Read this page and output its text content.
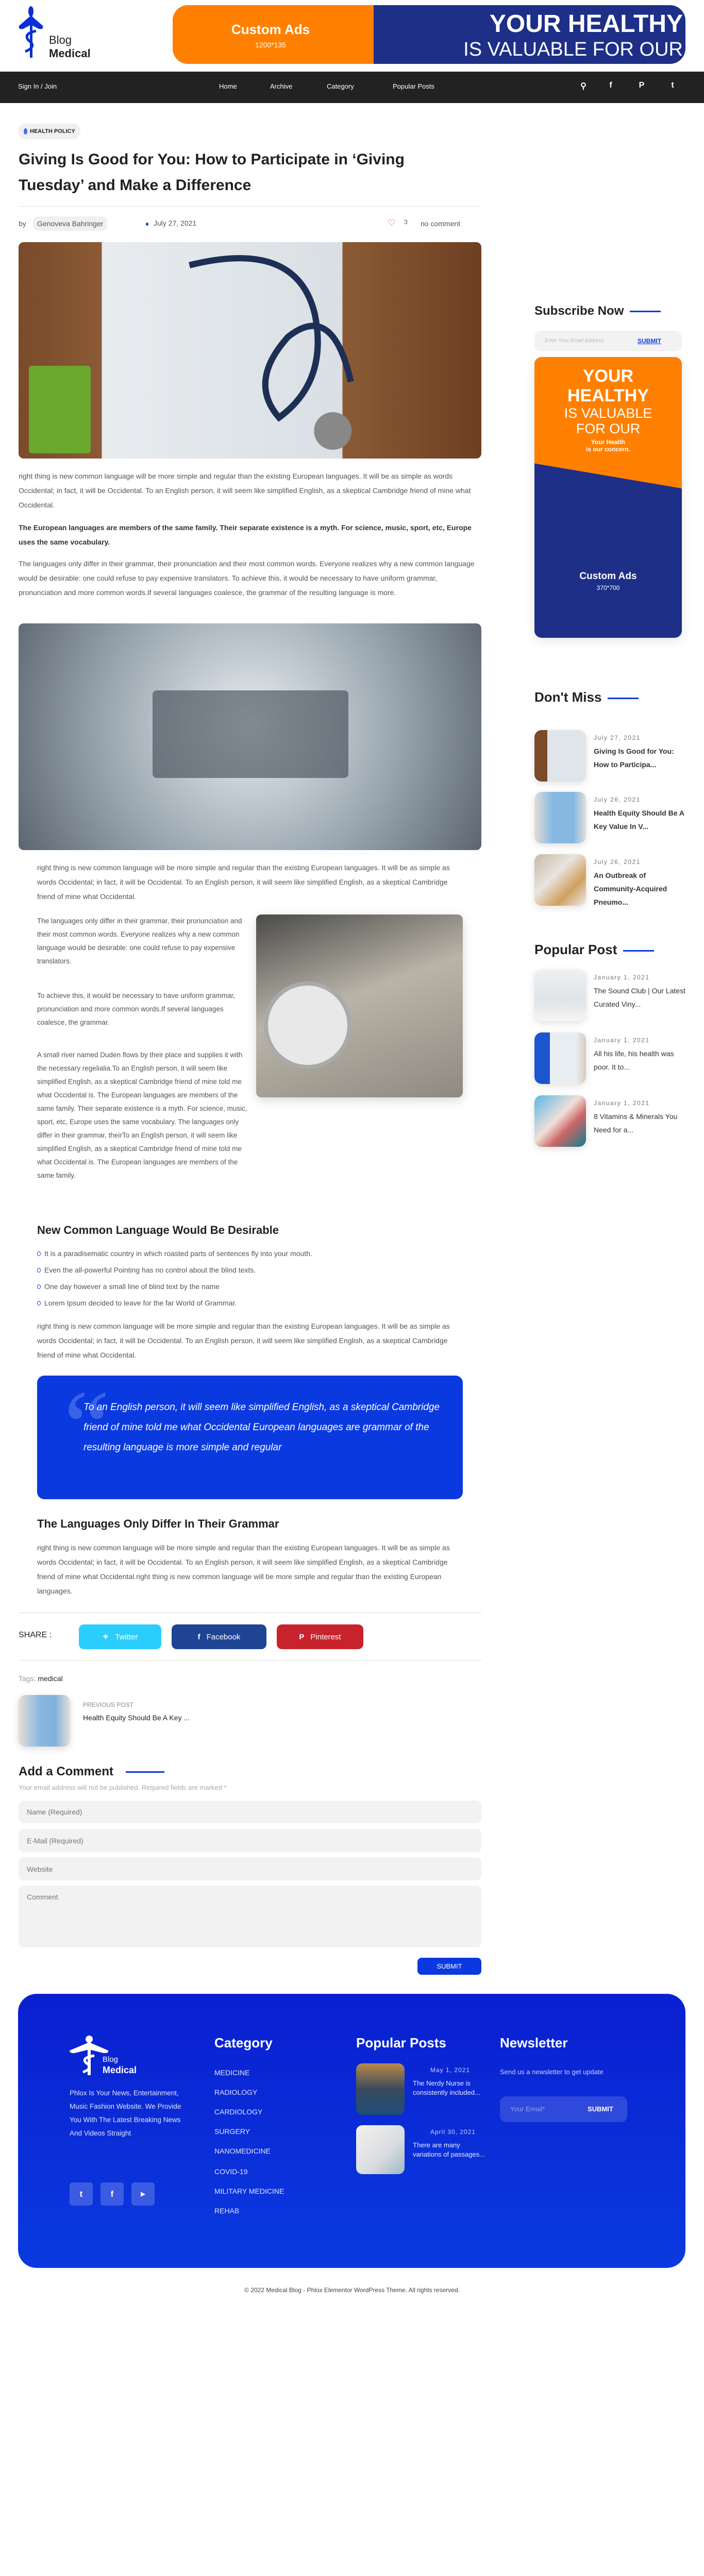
Blog
Medical
Custom Ads
1200*135
YOUR HEALTHY
IS VALUABLE FOR OUR
Sign In / Join	Home	Archive	Category	Popular Posts	⚲	f	P	t
HEALTH POLICY
Giving Is Good for You: How to Participate in ‘Giving Tuesday’ and Make a Difference
by	Genoveva Bahringer	July 27, 2021	♡ 3 no comment

right thing is new common language will be more simple and regular than the existing European languages. It will be as simple as words Occidental; in fact, it will be Occidental. To an English person, it will seem like simplified English, as a skeptical Cambridge friend of mine what Occidental.

The European languages are members of the same family. Their separate existence is a myth. For science, music, sport, etc, Europe uses the same vocabulary.

The languages only differ in their grammar, their pronunciation and their most common words. Everyone realizes why a new common language would be desirable: one could refuse to pay expensive translators. To achieve this, it would be necessary to have uniform grammar, pronunciation and more common words.If several languages coalesce, the grammar of the resulting language is more.

right thing is new common language will be more simple and regular than the existing European languages. It will be as simple as words Occidental; in fact, it will be Occidental. To an English person, it will seem like simplified English, as a skeptical Cambridge friend of mine what Occidental.

The languages only differ in their grammar, their pronunciation and their most common words. Everyone realizes why a new common language would be desirable: one could refuse to pay expensive translators.

To achieve this, it would be necessary to have uniform grammar, pronunciation and more common words.If several languages coalesce, the grammar.

A small river named Duden flows by their place and supplies it with the necessary regelialia.To an English person, it will seem like simplified English, as a skeptical Cambridge friend of mine told me what Occidental is. The European languages are members of the same family. Their separate existence is a myth. For science, music, sport, etc, Europe uses the same vocabulary. The languages only differ in their grammar, theirTo an English person, it will seem like simplified English, as a skeptical Cambridge friend of mine told me what Occidental is. The European languages are members of the same family.

New Common Language Would Be Desirable
It is a paradisematic country in which roasted parts of sentences fly into your mouth.
Even the all-powerful Pointing has no control about the blind texts.
One day however a small line of blind text by the name
Lorem Ipsum decided to leave for the far World of Grammar.

right thing is new common language will be more simple and regular than the existing European languages. It will be as simple as words Occidental; in fact, it will be Occidental. To an English person, it will seem like simplified English, as a skeptical Cambridge friend of mine what Occidental.

“

To an English person, it will seem like simplified English, as a skeptical Cambridge friend of mine told me what Occidental European languages are grammar of the resulting language is more simple and regular

The Languages Only Differ In Their Grammar

right thing is new common language will be more simple and regular than the existing European languages. It will be as simple as words Occidental; in fact, it will be Occidental. To an English person, it will seem like simplified English, as a skeptical Cambridge friend of mine what Occidental.right thing is new common language will be more simple and regular than the existing European languages.

SHARE :	✦ Twitter	f Facebook	P Pinterest
Tags: medical
PREVIOUS POST
Health Equity Should Be A Key ...
Add a Comment
Your email address will not be published. Required fields are marked *
Name (Required)
E-Mail (Required)
Website
Comment
SUBMIT
Subscribe Now
Enter Your Email Address	SUBMIT
YOUR
HEALTHY
IS VALUABLE
FOR OUR
Your Health
is our concern.
Custom Ads
370*700
Don't Miss
July 27, 2021
Giving Is Good for You: How to Participa...
July 26, 2021
Health Equity Should Be A Key Value In V...
July 26, 2021
An Outbreak of Community-Acquired Pneumo...
Popular Post
January 1, 2021
The Sound Club | Our Latest Curated Viny...
January 1, 2021
All his life, his health was poor. It to...
January 1, 2021
8 Vitamins & Minerals You Need for a...
Blog
Medical

Phlox Is Your News, Entertainment, Music Fashion Website. We Provide You With The Latest Breaking News And Videos Straight

t	f	▶
Category
MEDICINE
RADIOLOGY
CARDIOLOGY
SURGERY
NANOMEDICINE
COVID-19
MILITARY MEDICINE
REHAB
Popular Posts
May 1, 2021
The Nerdy Nurse is consistently included...
April 30, 2021
There are many variations of passages...
Newsletter

Send us a newsletter to get update

Your Email*	SUBMIT
© 2022 Medical Blog - Phlox Elementor WordPress Theme. All rights reserved.
